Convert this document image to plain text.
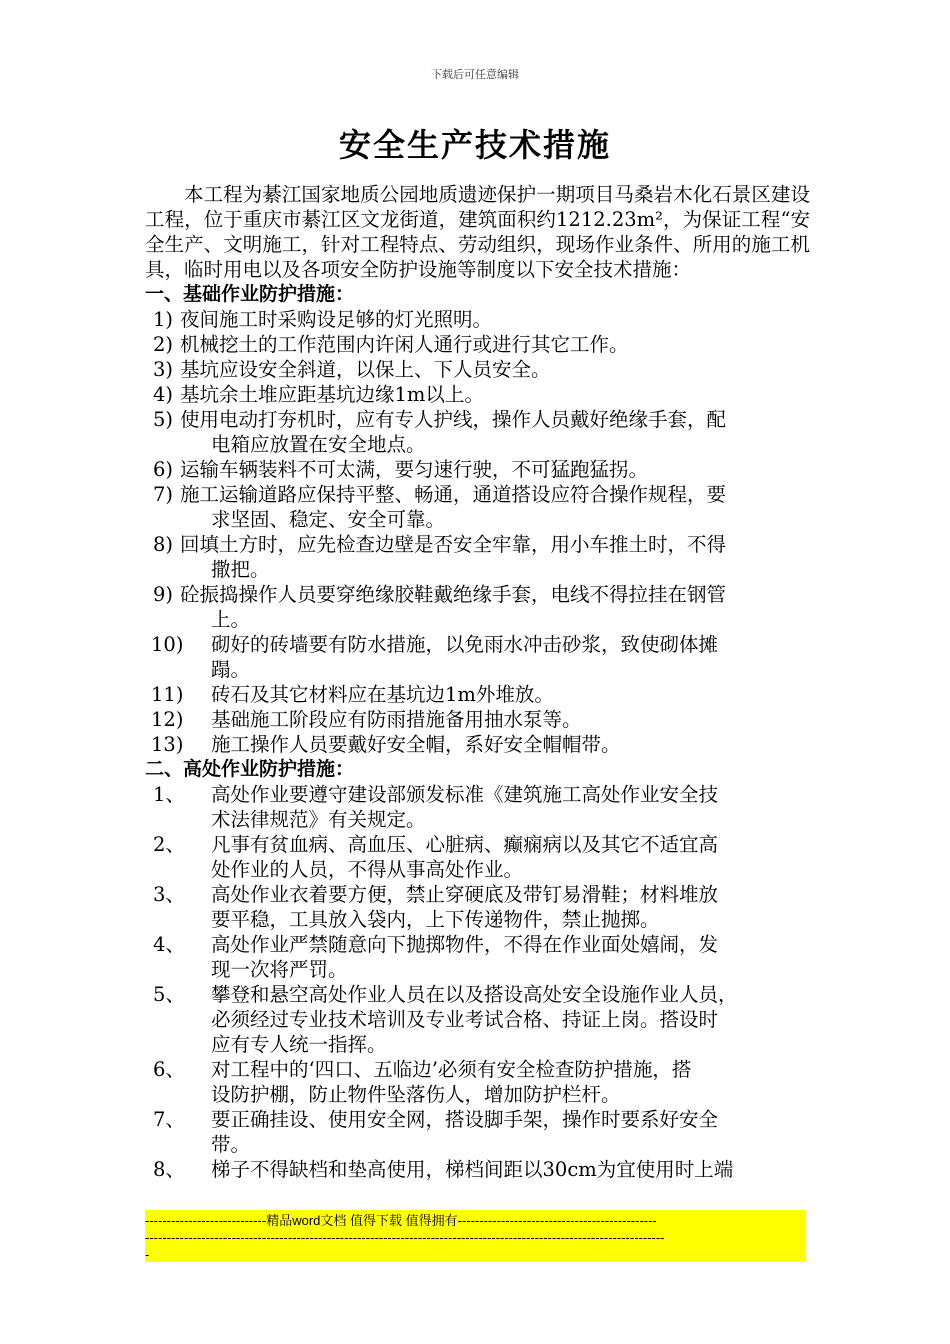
下载后可任意编辑
安全生产技术措施

本工程为綦江国家地质公园地质遗迹保护一期项目马桑岩木化石景区建设工程，位于重庆市綦江区文龙街道，建筑面积约1212.23m²，为保证工程“安全生产、文明施工，针对工程特点、劳动组织，现场作业条件、所用的施工机具，临时用电以及各项安全防护设施等制度以下安全技术措施：

一、基础作业防护措施：

1) 夜间施工时采购设足够的灯光照明。
2) 机械挖土的工作范围内许闲人通行或进行其它工作。
3) 基坑应设安全斜道，以保上、下人员安全。
4) 基坑余土堆应距基坑边缘1m以上。
5) 使用电动打夯机时，应有专人护线，操作人员戴好绝缘手套，配
电箱应放置在安全地点。
6) 运输车辆装料不可太满，要匀速行驶，不可猛跑猛拐。
7) 施工运输道路应保持平整、畅通，通道搭设应符合操作规程，要
求坚固、稳定、安全可靠。
8) 回填土方时，应先检查边壁是否安全牢靠，用小车推土时，不得
撒把。
9) 砼振捣操作人员要穿绝缘胶鞋戴绝缘手套，电线不得拉挂在钢管
上。
10) 砌好的砖墙要有防水措施，以免雨水冲击砂浆，致使砌体摊
蹋。
11) 砖石及其它材料应在基坑边1m外堆放。
12) 基础施工阶段应有防雨措施备用抽水泵等。
13) 施工操作人员要戴好安全帽，系好安全帽帽带。

二、高处作业防护措施：

1、 高处作业要遵守建设部颁发标准《建筑施工高处作业安全技
术法律规范》有关规定。
2、 凡事有贫血病、高血压、心脏病、癫痫病以及其它不适宜高
处作业的人员，不得从事高处作业。
3、 高处作业衣着要方便，禁止穿硬底及带钉易滑鞋；材料堆放
要平稳，工具放入袋内，上下传递物件，禁止抛掷。
4、 高处作业严禁随意向下抛掷物件，不得在作业面处嬉闹，发
现一次将严罚。
5、 攀登和悬空高处作业人员在以及搭设高处安全设施作业人员，
必须经过专业技术培训及专业考试合格、持证上岗。搭设时
应有专人统一指挥。
6、 对工程中的‘四口、五临边’必须有安全检查防护措施，搭
设防护棚，防止物件坠落伤人，增加防护栏杆。
7、 要正确挂设、使用安全网，搭设脚手架，操作时要系好安全
带。
8、 梯子不得缺档和垫高使用，梯档间距以30cm为宜使用时上端
----------------------------精品word文档 值得下载 值得拥有----------------------------------------------
------------------------------------------------------------------------------------------------------------------------
-
